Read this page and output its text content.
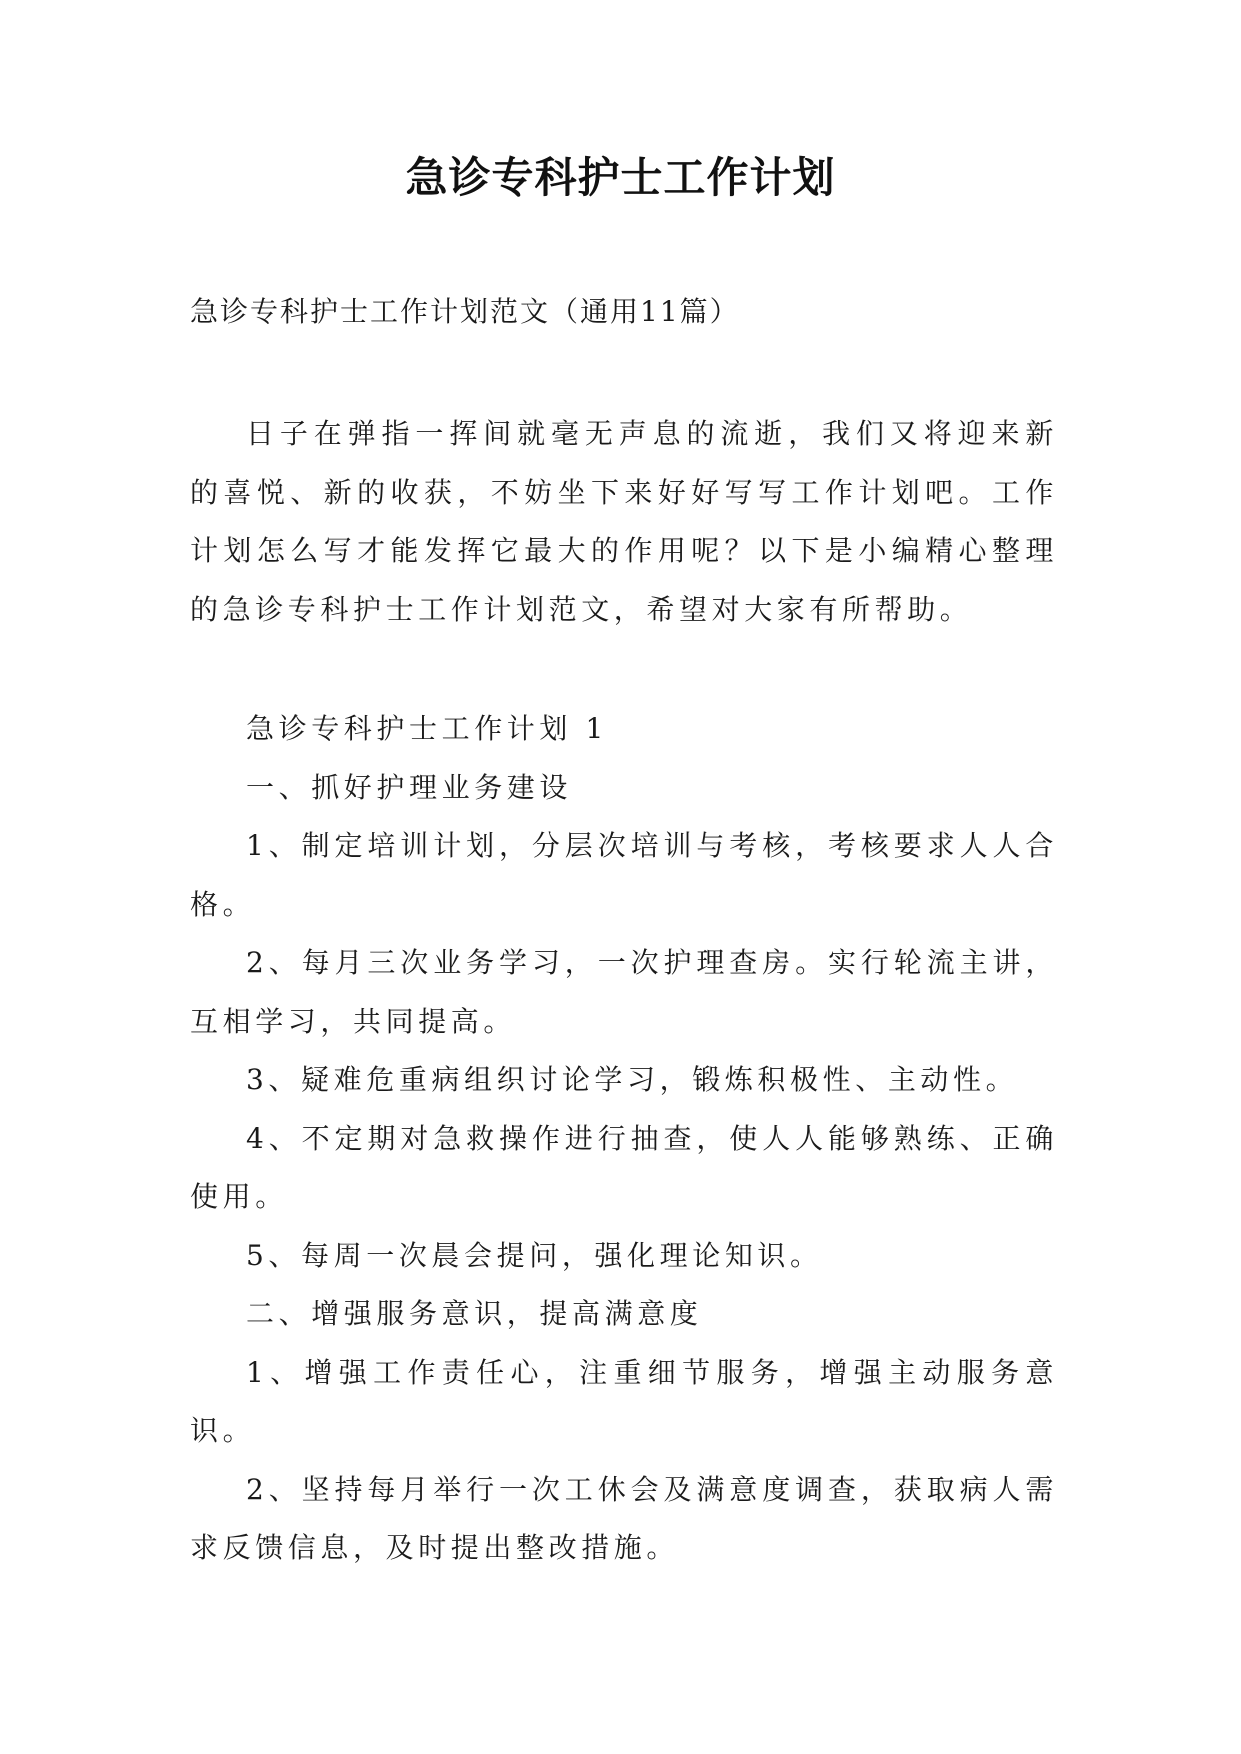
急诊专科护士工作计划

急诊专科护士工作计划范文（通用11篇）

日子在弹指一挥间就毫无声息的流逝，我们又将迎来新的喜悦、新的收获，不妨坐下来好好写写工作计划吧。工作计划怎么写才能发挥它最大的作用呢？以下是小编精心整理的急诊专科护士工作计划范文，希望对大家有所帮助。

急诊专科护士工作计划 1

一、抓好护理业务建设

1、制定培训计划，分层次培训与考核，考核要求人人合格。

2、每月三次业务学习，一次护理查房。实行轮流主讲，互相学习，共同提高。

3、疑难危重病组织讨论学习，锻炼积极性、主动性。

4、不定期对急救操作进行抽查，使人人能够熟练、正确使用。

5、每周一次晨会提问，强化理论知识。

二、增强服务意识，提高满意度

1、增强工作责任心，注重细节服务，增强主动服务意识。

2、坚持每月举行一次工休会及满意度调查，获取病人需求反馈信息，及时提出整改措施。
